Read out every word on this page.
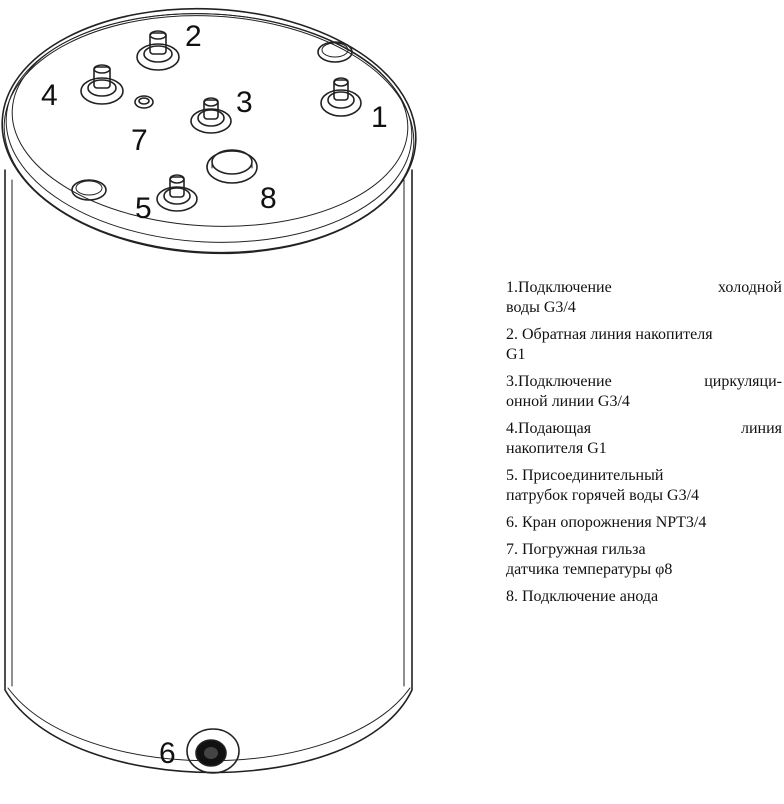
1
2
3
4
5
6
7
8
1.Подключение холодной
воды G3/4
2. Обратная линия накопителя
G1
3.Подключение циркуляци-
онной линии G3/4
4.Подающая линия
накопителя G1
5. Присоединительный
патрубок горячей воды G3/4
6. Кран опорожнения NPT3/4
7. Погружная гильза
датчика температуры φ8
8. Подключение анода
